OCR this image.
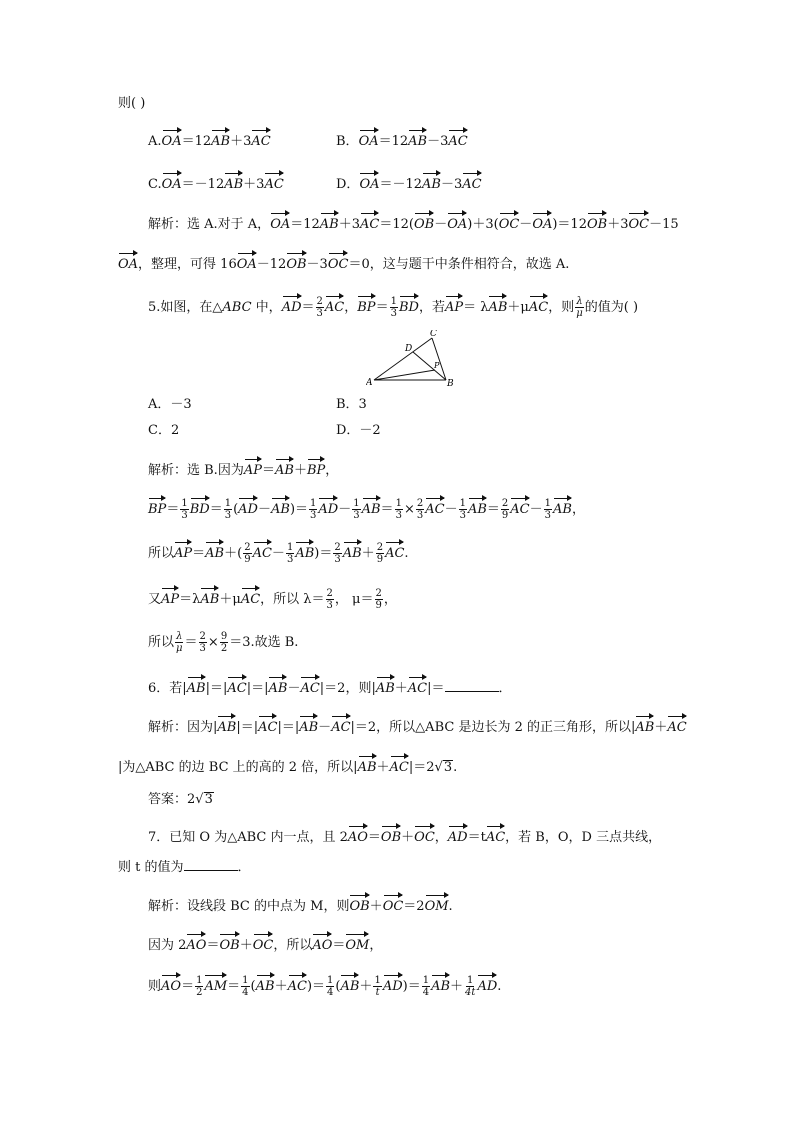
则( )
A.OA＝12AB＋3AC	B．OA＝12AB－3AC
C.OA＝－12AB＋3AC	D．OA＝－12AB－3AC
解析：选 A.对于 A，OA＝12AB＋3AC＝12(OB－OA)＋3(OC－OA)＝12OB＋3OC－15
OA，整理，可得 16OA－12OB－3OC＝0，这与题干中条件相符合，故选 A.
5.如图，在△ABC 中，$AD= \frac{2}{3}$ AC，$BP= \frac{1}{3}$ BD，若AP＝ λAB＋μAC，则 $\frac{\lambda}{\mu}$ 的值为( )
A	B
C
D
P
A．－3	B．3
C．2	D．－2
解析：选 B.因为AP＝AB＋BP，
$BP= \frac{1}{3} BD= \frac{1}{3} (AD-AB)= \frac{1}{3} AD- \frac{1}{3} AB= \frac{1}{3} \times \frac{2}{3} AC- \frac{1}{3} AB= \frac{2}{9} AC- \frac{1}{3}$ AB，
所以$AP=AB+( \frac{2}{9} AC- \frac{1}{3} AB)= \frac{2}{3} AB+ \frac{2}{9}$ AC.
又AP＝λAB＋μAC，所以 $\lambda= \frac{2}{3}$ ， $\mu= \frac{2}{9}$ ，
所以 $\frac{\lambda}{\mu} = \frac{2}{3} \times \frac{9}{2} =3$.故选 B.
6．若|AB|＝|AC|＝|AB－AC|＝2，则|AB＋AC|＝	．
解析：因为|AB|＝|AC|＝|AB－AC|＝2，所以△ABC 是边长为 2 的正三角形，所以|AB＋AC
|为△ABC 的边 BC 上的高的 2 倍，所以|AB＋AC|＝2√3.
答案：2√3
7．已知 O 为△ABC 内一点，且 2AO＝OB＋OC，AD＝tAC，若 B，O，D 三点共线，
则 t 的值为	．
解析：设线段 BC 的中点为 M，则OB＋OC＝2OM.
因为 2AO＝OB＋OC，所以AO＝OM，
则$AO= \frac{1}{2} AM= \frac{1}{4} (AB+AC)= \frac{1}{4} (AB+ \frac{1}{t} AD)= \frac{1}{4} AB+ \frac{1}{4t}$ AD.
